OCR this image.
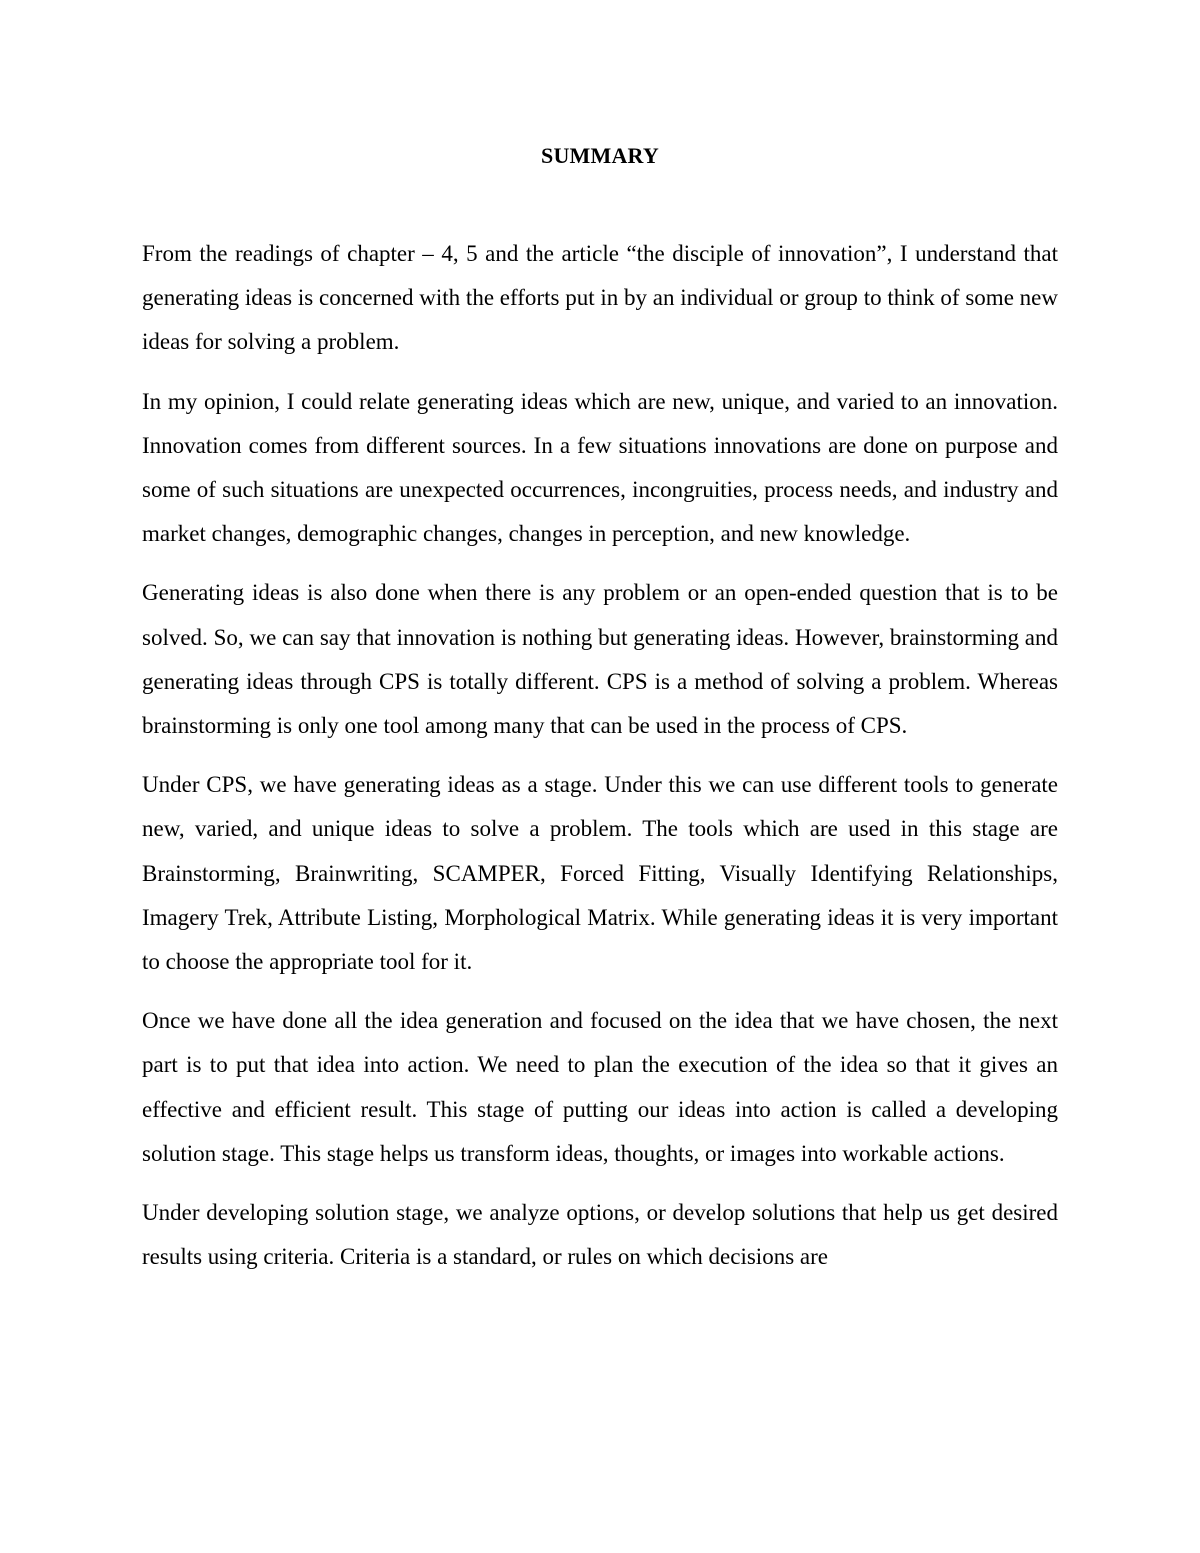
SUMMARY

From the readings of chapter – 4, 5 and the article “the disciple of innovation”, I understand that generating ideas is concerned with the efforts put in by an individual or group to think of some new ideas for solving a problem.

In my opinion, I could relate generating ideas which are new, unique, and varied to an innovation. Innovation comes from different sources. In a few situations innovations are done on purpose and some of such situations are unexpected occurrences, incongruities, process needs, and industry and market changes, demographic changes, changes in perception, and new knowledge.

Generating ideas is also done when there is any problem or an open-ended question that is to be solved. So, we can say that innovation is nothing but generating ideas. However, brainstorming and generating ideas through CPS is totally different. CPS is a method of solving a problem. Whereas brainstorming is only one tool among many that can be used in the process of CPS.

Under CPS, we have generating ideas as a stage. Under this we can use different tools to generate new, varied, and unique ideas to solve a problem. The tools which are used in this stage are Brainstorming, Brainwriting, SCAMPER, Forced Fitting, Visually Identifying Relationships, Imagery Trek, Attribute Listing, Morphological Matrix. While generating ideas it is very important to choose the appropriate tool for it.

Once we have done all the idea generation and focused on the idea that we have chosen, the next part is to put that idea into action. We need to plan the execution of the idea so that it gives an effective and efficient result. This stage of putting our ideas into action is called a developing solution stage. This stage helps us transform ideas, thoughts, or images into workable actions.

Under developing solution stage, we analyze options, or develop solutions that help us get desired results using criteria. Criteria is a standard, or rules on which decisions are
